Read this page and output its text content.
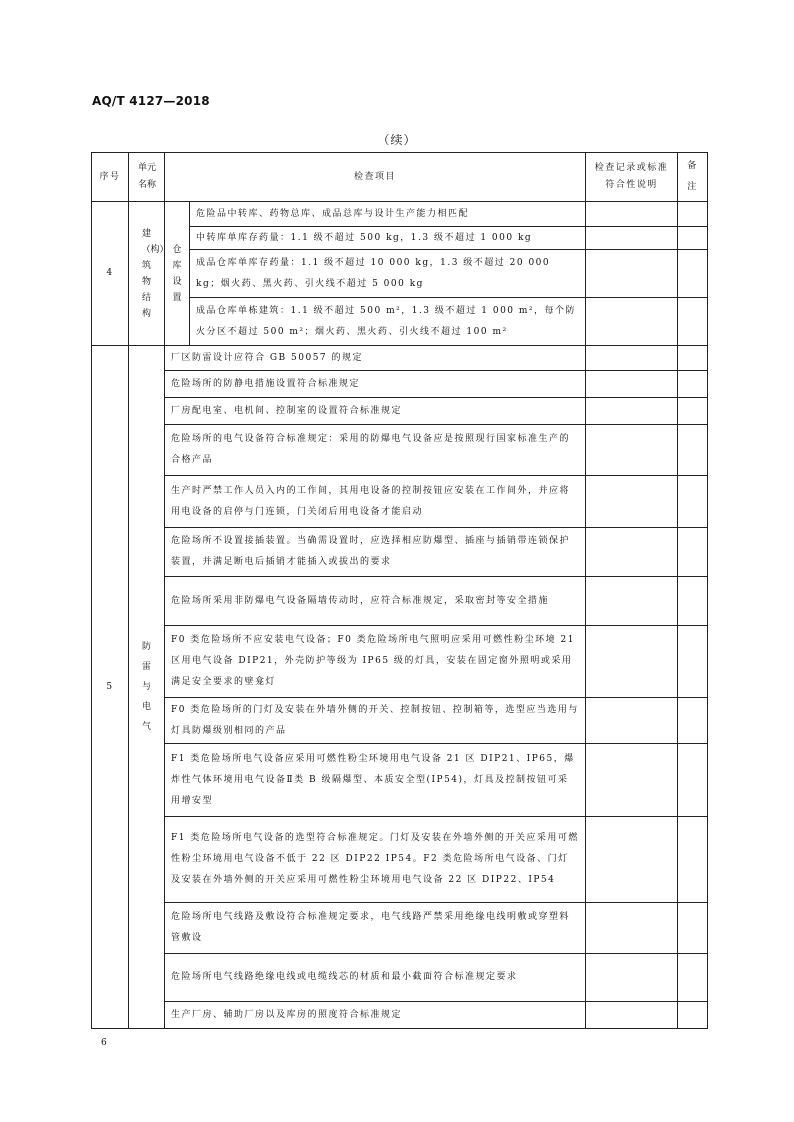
AQ/T 4127—2018
（续）
序号	单元名称	检查项目		检查记录或标准符合性说明	备注
4	建（构）筑物结构	仓库设置	危险品中转库、药物总库、成品总库与设计生产能力相匹配		
			中转库单库存药量：1.1 级不超过 500 kg，1.3 级不超过 1 000 kg		
			成品仓库单库存药量：1.1 级不超过 10 000 kg，1.3 级不超过 20 000 kg；烟火药、黑火药、引火线不超过 5 000 kg		
			成品仓库单栋建筑：1.1 级不超过 500 m²，1.3 级不超过 1 000 m²，每个防火分区不超过 500 m²；烟火药、黑火药、引火线不超过 100 m²		
5	防雷与电气	厂区防雷设计应符合 GB 50057 的规定			
		危险场所的防静电措施设置符合标准规定			
		厂房配电室、电机间、控制室的设置符合标准规定			
		危险场所的电气设备符合标准规定：采用的防爆电气设备应是按照现行国家标准生产的合格产品			
		生产时严禁工作人员入内的工作间，其用电设备的控制按钮应安装在工作间外，并应将用电设备的启停与门连锁，门关闭后用电设备才能启动			
		危险场所不设置接插装置。当确需设置时，应选择相应防爆型、插座与插销带连锁保护装置，并满足断电后插销才能插入或拔出的要求			
		危险场所采用非防爆电气设备隔墙传动时，应符合标准规定，采取密封等安全措施			
		F0 类危险场所不应安装电气设备；F0 类危险场所电气照明应采用可燃性粉尘环境 21 区用电气设备 DIP21，外壳防护等级为 IP65 级的灯具，安装在固定窗外照明或采用满足安全要求的壁龛灯			
		F0 类危险场所的门灯及安装在外墙外侧的开关、控制按钮、控制箱等，选型应当选用与灯具防爆级别相同的产品			
		F1 类危险场所电气设备应采用可燃性粉尘环境用电气设备 21 区 DIP21、IP65，爆炸性气体环境用电气设备Ⅱ类 B 级隔爆型、本质安全型(IP54)，灯具及控制按钮可采用增安型			
		F1 类危险场所电气设备的选型符合标准规定。门灯及安装在外墙外侧的开关应采用可燃性粉尘环境用电气设备不低于 22 区 DIP22 IP54。F2 类危险场所电气设备、门灯及安装在外墙外侧的开关应采用可燃性粉尘环境用电气设备 22 区 DIP22、IP54			
		危险场所电气线路及敷设符合标准规定要求，电气线路严禁采用绝缘电线明敷或穿塑料管敷设			
		危险场所电气线路绝缘电线或电缆线芯的材质和最小截面符合标准规定要求			
		生产厂房、辅助厂房以及库房的照度符合标准规定			
6
